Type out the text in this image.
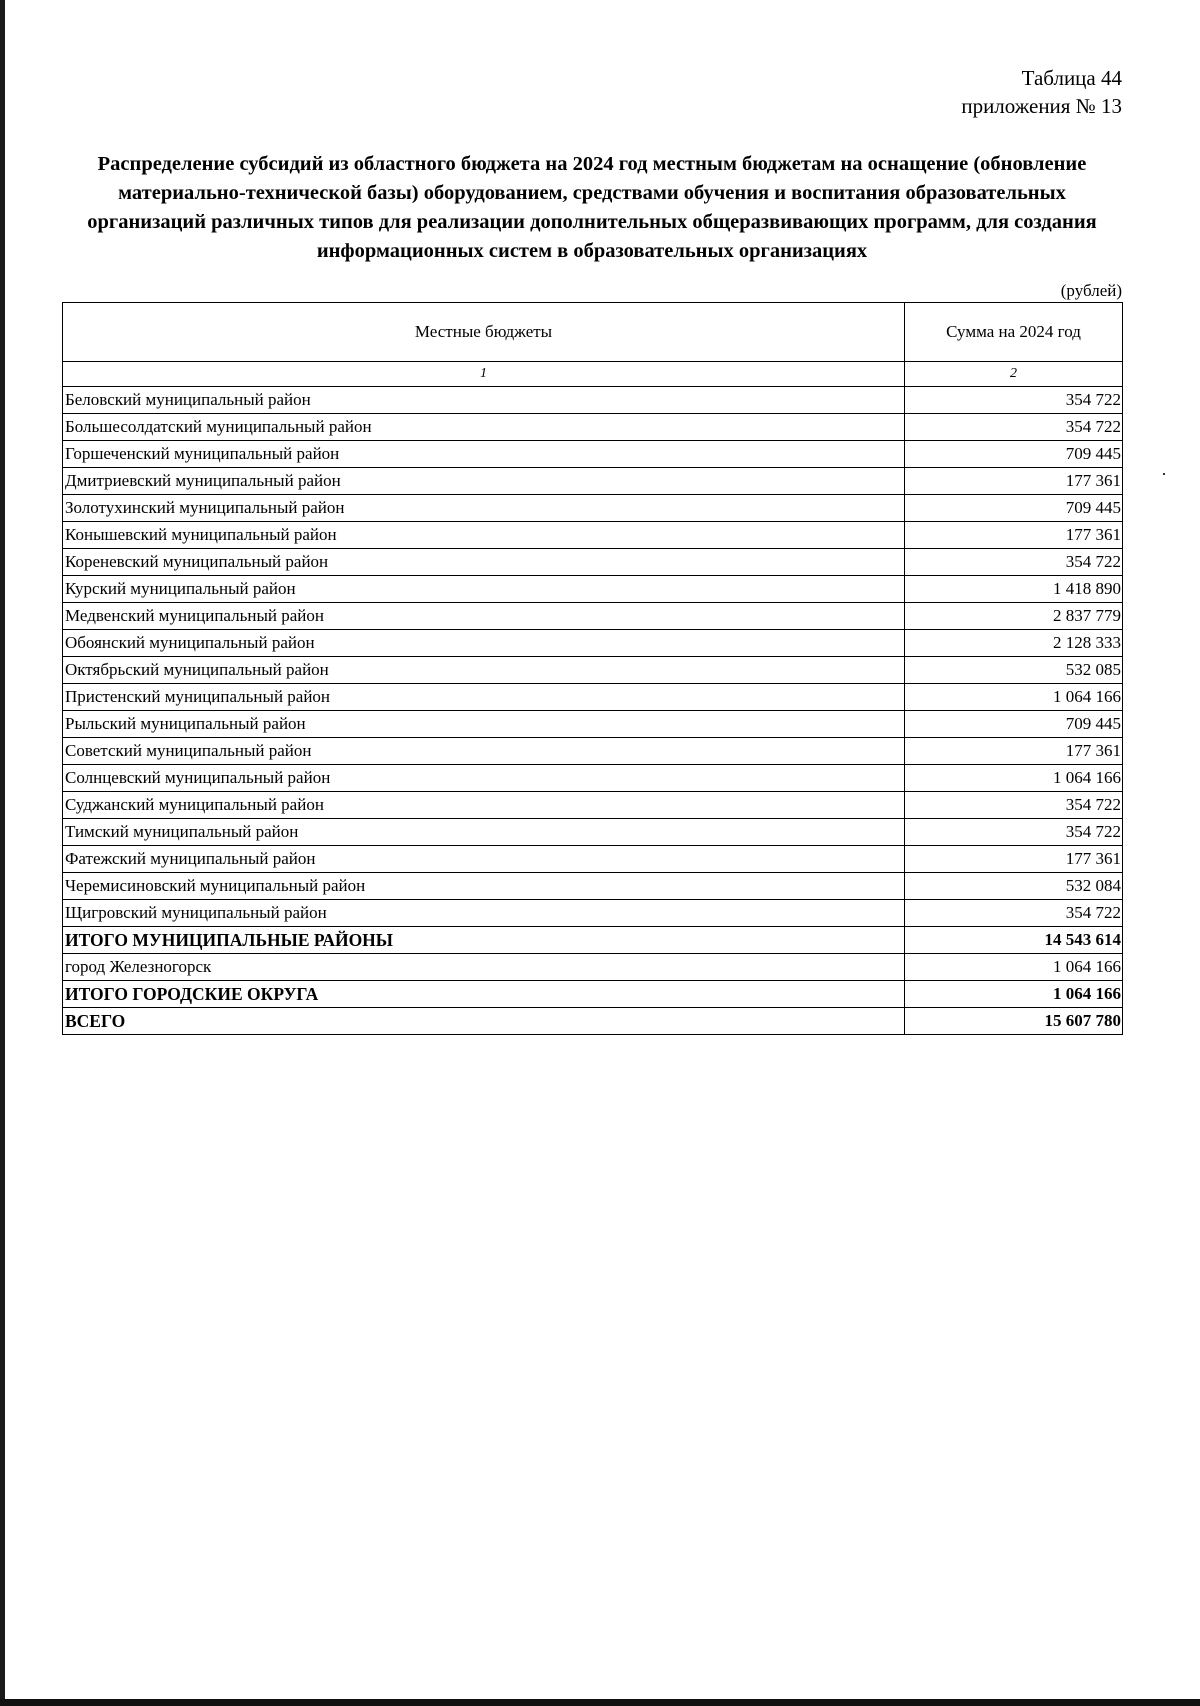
Таблица 44
приложения № 13
Распределение субсидий из областного бюджета на 2024 год местным бюджетам на оснащение (обновление материально-технической базы) оборудованием, средствами обучения и воспитания образовательных организаций различных типов для реализации дополнительных общеразвивающих программ, для создания информационных систем в образовательных организациях
(рублей)
Местные бюджеты	Сумма на 2024 год
1	2
Беловский муниципальный район	354 722
Большесолдатский муниципальный район	354 722
Горшеченский муниципальный район	709 445
Дмитриевский муниципальный район	177 361
Золотухинский муниципальный район	709 445
Конышевский муниципальный район	177 361
Кореневский муниципальный район	354 722
Курский муниципальный район	1 418 890
Медвенский муниципальный район	2 837 779
Обоянский муниципальный район	2 128 333
Октябрьский муниципальный район	532 085
Пристенский муниципальный район	1 064 166
Рыльский муниципальный район	709 445
Советский муниципальный район	177 361
Солнцевский муниципальный район	1 064 166
Суджанский муниципальный район	354 722
Тимский муниципальный район	354 722
Фатежский муниципальный район	177 361
Черемисиновский муниципальный район	532 084
Щигровский муниципальный район	354 722
ИТОГО МУНИЦИПАЛЬНЫЕ РАЙОНЫ	14 543 614
город Железногорск	1 064 166
ИТОГО ГОРОДСКИЕ ОКРУГА	1 064 166
ВСЕГО	15 607 780
